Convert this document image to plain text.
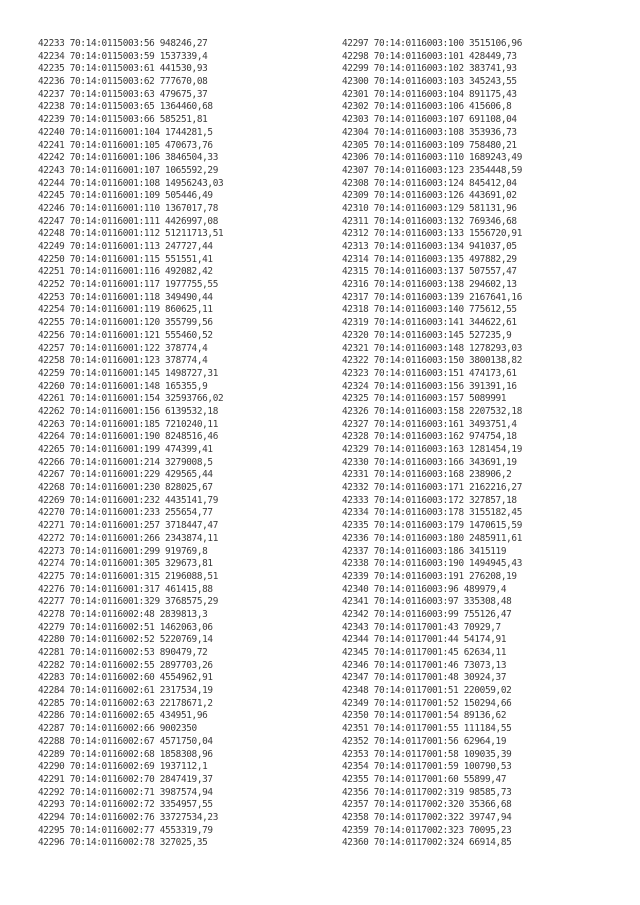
42233 70:14:0115003:56 948246,27
42234 70:14:0115003:59 1537339,4
42235 70:14:0115003:61 441530,93
42236 70:14:0115003:62 777670,08
42237 70:14:0115003:63 479675,37
42238 70:14:0115003:65 1364460,68
42239 70:14:0115003:66 585251,81
42240 70:14:0116001:104 1744281,5
42241 70:14:0116001:105 470673,76
42242 70:14:0116001:106 3846504,33
42243 70:14:0116001:107 1065592,29
42244 70:14:0116001:108 14956243,03
42245 70:14:0116001:109 505446,49
42246 70:14:0116001:110 1367017,78
42247 70:14:0116001:111 4426997,08
42248 70:14:0116001:112 51211713,51
42249 70:14:0116001:113 247727,44
42250 70:14:0116001:115 551551,41
42251 70:14:0116001:116 492082,42
42252 70:14:0116001:117 1977755,55
42253 70:14:0116001:118 349490,44
42254 70:14:0116001:119 860625,11
42255 70:14:0116001:120 355799,56
42256 70:14:0116001:121 555460,52
42257 70:14:0116001:122 378774,4
42258 70:14:0116001:123 378774,4
42259 70:14:0116001:145 1498727,31
42260 70:14:0116001:148 165355,9
42261 70:14:0116001:154 32593766,02
42262 70:14:0116001:156 6139532,18
42263 70:14:0116001:185 7210240,11
42264 70:14:0116001:190 8248516,46
42265 70:14:0116001:199 474399,41
42266 70:14:0116001:214 3279008,5
42267 70:14:0116001:229 429565,44
42268 70:14:0116001:230 828025,67
42269 70:14:0116001:232 4435141,79
42270 70:14:0116001:233 255654,77
42271 70:14:0116001:257 3718447,47
42272 70:14:0116001:266 2343874,11
42273 70:14:0116001:299 919769,8
42274 70:14:0116001:305 329673,81
42275 70:14:0116001:315 2196088,51
42276 70:14:0116001:317 461415,88
42277 70:14:0116001:329 3768575,29
42278 70:14:0116002:48 2839813,3
42279 70:14:0116002:51 1462063,06
42280 70:14:0116002:52 5220769,14
42281 70:14:0116002:53 890479,72
42282 70:14:0116002:55 2897703,26
42283 70:14:0116002:60 4554962,91
42284 70:14:0116002:61 2317534,19
42285 70:14:0116002:63 22178671,2
42286 70:14:0116002:65 434951,96
42287 70:14:0116002:66 9002350
42288 70:14:0116002:67 4571750,04
42289 70:14:0116002:68 1858308,96
42290 70:14:0116002:69 1937112,1
42291 70:14:0116002:70 2847419,37
42292 70:14:0116002:71 3987574,94
42293 70:14:0116002:72 3354957,55
42294 70:14:0116002:76 33727534,23
42295 70:14:0116002:77 4553319,79
42296 70:14:0116002:78 327025,35
42297 70:14:0116003:100 3515106,96
42298 70:14:0116003:101 428449,73
42299 70:14:0116003:102 383741,93
42300 70:14:0116003:103 345243,55
42301 70:14:0116003:104 891175,43
42302 70:14:0116003:106 415606,8
42303 70:14:0116003:107 691108,04
42304 70:14:0116003:108 353936,73
42305 70:14:0116003:109 758480,21
42306 70:14:0116003:110 1689243,49
42307 70:14:0116003:123 2354448,59
42308 70:14:0116003:124 845412,04
42309 70:14:0116003:126 443691,02
42310 70:14:0116003:129 581131,96
42311 70:14:0116003:132 769346,68
42312 70:14:0116003:133 1556720,91
42313 70:14:0116003:134 941037,05
42314 70:14:0116003:135 497882,29
42315 70:14:0116003:137 507557,47
42316 70:14:0116003:138 294602,13
42317 70:14:0116003:139 2167641,16
42318 70:14:0116003:140 775612,55
42319 70:14:0116003:141 344622,61
42320 70:14:0116003:145 527235,9
42321 70:14:0116003:148 1278293,03
42322 70:14:0116003:150 3800138,82
42323 70:14:0116003:151 474173,61
42324 70:14:0116003:156 391391,16
42325 70:14:0116003:157 5089991
42326 70:14:0116003:158 2207532,18
42327 70:14:0116003:161 3493751,4
42328 70:14:0116003:162 974754,18
42329 70:14:0116003:163 1281454,19
42330 70:14:0116003:166 343691,19
42331 70:14:0116003:168 238906,2
42332 70:14:0116003:171 2162216,27
42333 70:14:0116003:172 327857,18
42334 70:14:0116003:178 3155182,45
42335 70:14:0116003:179 1470615,59
42336 70:14:0116003:180 2485911,61
42337 70:14:0116003:186 3415119
42338 70:14:0116003:190 1494945,43
42339 70:14:0116003:191 276208,19
42340 70:14:0116003:96 489979,4
42341 70:14:0116003:97 335308,48
42342 70:14:0116003:99 755126,47
42343 70:14:0117001:43 70929,7
42344 70:14:0117001:44 54174,91
42345 70:14:0117001:45 62634,11
42346 70:14:0117001:46 73073,13
42347 70:14:0117001:48 30924,37
42348 70:14:0117001:51 220059,02
42349 70:14:0117001:52 150294,66
42350 70:14:0117001:54 89136,62
42351 70:14:0117001:55 111184,55
42352 70:14:0117001:56 62964,19
42353 70:14:0117001:58 109035,39
42354 70:14:0117001:59 100790,53
42355 70:14:0117001:60 55899,47
42356 70:14:0117002:319 98585,73
42357 70:14:0117002:320 35366,68
42358 70:14:0117002:322 39747,94
42359 70:14:0117002:323 70095,23
42360 70:14:0117002:324 66914,85
